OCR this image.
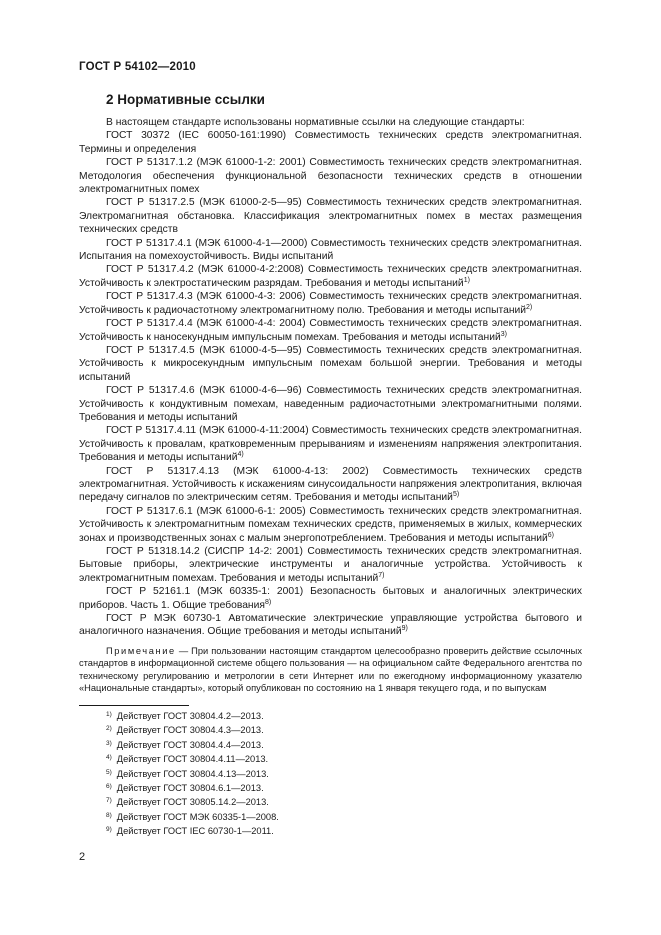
ГОСТ Р 54102—2010
2 Нормативные ссылки

В настоящем стандарте использованы нормативные ссылки на следующие стандарты:

ГОСТ 30372 (IEC 60050-161:1990) Совместимость технических средств электромагнитная. Термины и определения

ГОСТ Р 51317.1.2 (МЭК 61000-1-2: 2001) Совместимость технических средств электромагнитная. Методология обеспечения функциональной безопасности технических средств в отношении электромагнитных помех

ГОСТ Р 51317.2.5 (МЭК 61000-2-5—95) Совместимость технических средств электромагнитная. Электромагнитная обстановка. Классификация электромагнитных помех в местах размещения технических средств

ГОСТ Р 51317.4.1 (МЭК 61000-4-1—2000) Совместимость технических средств электромагнитная. Испытания на помехоустойчивость. Виды испытаний

ГОСТ Р 51317.4.2 (МЭК 61000-4-2:2008) Совместимость технических средств электромагнитная. Устойчивость к электростатическим разрядам. Требования и методы испытаний$^{1)}$

ГОСТ Р 51317.4.3 (МЭК 61000-4-3: 2006) Совместимость технических средств электромагнитная. Устойчивость к радиочастотному электромагнитному полю. Требования и методы испытаний$^{2)}$

ГОСТ Р 51317.4.4 (МЭК 61000-4-4: 2004) Совместимость технических средств электромагнитная. Устойчивость к наносекундным импульсным помехам. Требования и методы испытаний$^{3)}$

ГОСТ Р 51317.4.5 (МЭК 61000-4-5—95) Совместимость технических средств электромагнитная. Устойчивость к микросекундным импульсным помехам большой энергии. Требования и методы испытаний

ГОСТ Р 51317.4.6 (МЭК 61000-4-6—96) Совместимость технических средств электромагнитная. Устойчивость к кондуктивным помехам, наведенным радиочастотными электромагнитными полями. Требования и методы испытаний

ГОСТ Р 51317.4.11 (МЭК 61000-4-11:2004) Совместимость технических средств электромагнитная. Устойчивость к провалам, кратковременным прерываниям и изменениям напряжения электропитания. Требования и методы испытаний$^{4)}$

ГОСТ Р 51317.4.13 (МЭК 61000-4-13: 2002) Совместимость технических средств электромагнитная. Устойчивость к искажениям синусоидальности напряжения электропитания, включая передачу сигналов по электрическим сетям. Требования и методы испытаний$^{5)}$

ГОСТ Р 51317.6.1 (МЭК 61000-6-1: 2005) Совместимость технических средств электромагнитная. Устойчивость к электромагнитным помехам технических средств, применяемых в жилых, коммерческих зонах и производственных зонах с малым энергопотреблением. Требования и методы испытаний$^{6)}$

ГОСТ Р 51318.14.2 (СИСПР 14-2: 2001) Совместимость технических средств электромагнитная. Бытовые приборы, электрические инструменты и аналогичные устройства. Устойчивость к электромагнитным помехам. Требования и методы испытаний$^{7)}$

ГОСТ Р 52161.1 (МЭК 60335-1: 2001) Безопасность бытовых и аналогичных электрических приборов. Часть 1. Общие требования$^{8)}$

ГОСТ Р МЭК 60730-1 Автоматические электрические управляющие устройства бытового и аналогичного назначения. Общие требования и методы испытаний$^{9)}$

Примечание — При пользовании настоящим стандартом целесообразно проверить действие ссылочных стандартов в информационной системе общего пользования — на официальном сайте Федерального агентства по техническому регулированию и метрологии в сети Интернет или по ежегодному информационному указателю «Национальные стандарты», который опубликован по состоянию на 1 января текущего года, и по выпускам

$^{1)}$ Действует ГОСТ 30804.4.2—2013.
$^{2)}$ Действует ГОСТ 30804.4.3—2013.
$^{3)}$ Действует ГОСТ 30804.4.4—2013.
$^{4)}$ Действует ГОСТ 30804.4.11—2013.
$^{5)}$ Действует ГОСТ 30804.4.13—2013.
$^{6)}$ Действует ГОСТ 30804.6.1—2013.
$^{7)}$ Действует ГОСТ 30805.14.2—2013.
$^{8)}$ Действует ГОСТ МЭК 60335-1—2008.
$^{9)}$ Действует ГОСТ IEC 60730-1—2011.
2
